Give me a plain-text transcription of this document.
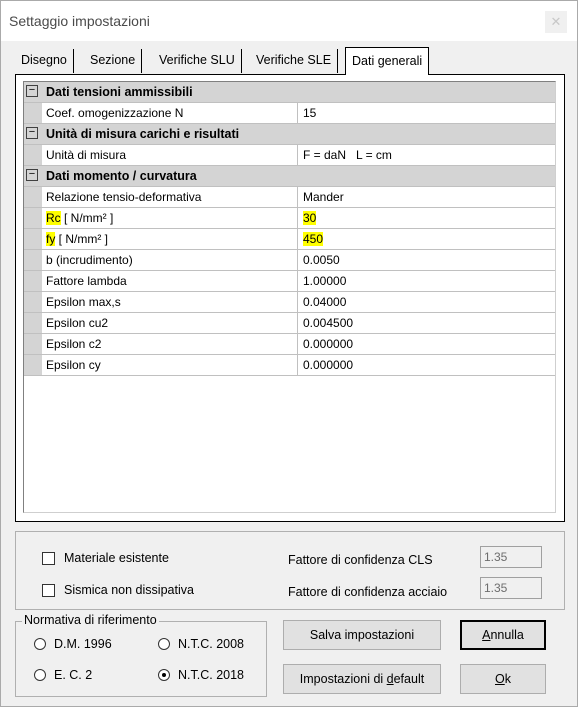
Settaggio impostazioni	✕
Disegno	Sezione	Verifiche SLU	Verifiche SLE	Dati generali
− Dati tensioni ammissibili
Coef. omogenizzazione N	15
− Unità di misura carichi e risultati
Unità di misura	F = daN   L = cm
− Dati momento / curvatura
Relazione tensio-deformativa	Mander
Rc [ N/mm² ]	30
fy [ N/mm² ]	450
b (incrudimento)	0.0050
Fattore lambda	1.00000
Epsilon max,s	0.04000
Epsilon cu2	0.004500
Epsilon c2	0.000000
Epsilon cy	0.000000
Materiale esistente
Sismica non dissipativa
Fattore di confidenza CLS	1.35
Fattore di confidenza acciaio	1.35
Normativa di riferimento
D.M. 1996	N.T.C. 2008
E. C. 2	N.T.C. 2018
Salva impostazioni	Annulla
Impostazioni di default	Ok
